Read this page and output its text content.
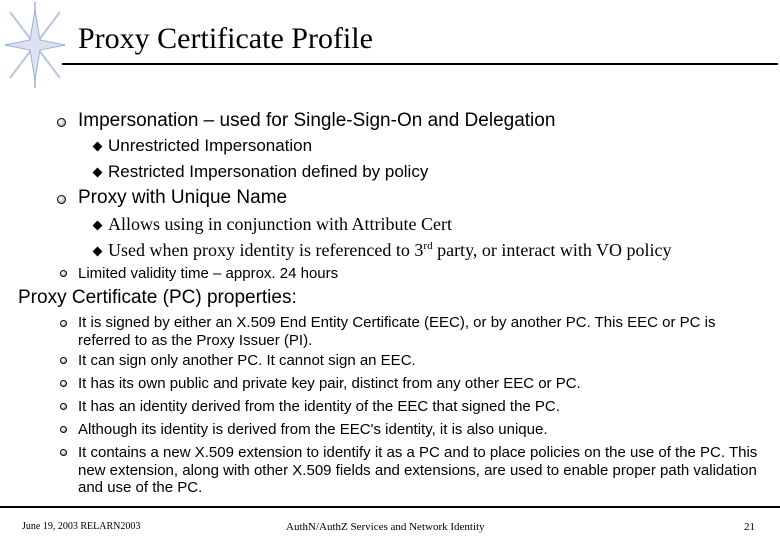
Proxy Certificate Profile
Impersonation – used for Single-Sign-On and Delegation
Unrestricted Impersonation
Restricted Impersonation defined by policy
Proxy with Unique Name
Allows using in conjunction with Attribute Cert
Used when proxy identity is referenced to 3rd party, or interact with VO policy
Limited validity time – approx. 24 hours
Proxy Certificate (PC) properties:
It is signed by either an X.509 End Entity Certificate (EEC), or by another PC. This EEC or PC is referred to as the Proxy Issuer (PI).
It can sign only another PC. It cannot sign an EEC.
It has its own public and private key pair, distinct from any other EEC or PC.
It has an identity derived from the identity of the EEC that signed the PC.
Although its identity is derived from the EEC's identity, it is also unique.
It contains a new X.509 extension to identify it as a PC and to place policies on the use of the PC. This new extension, along with other X.509 fields and extensions, are used to enable proper path validation and use of the PC.
June 19, 2003 RELARN2003	AuthN/AuthZ Services and Network Identity	21
